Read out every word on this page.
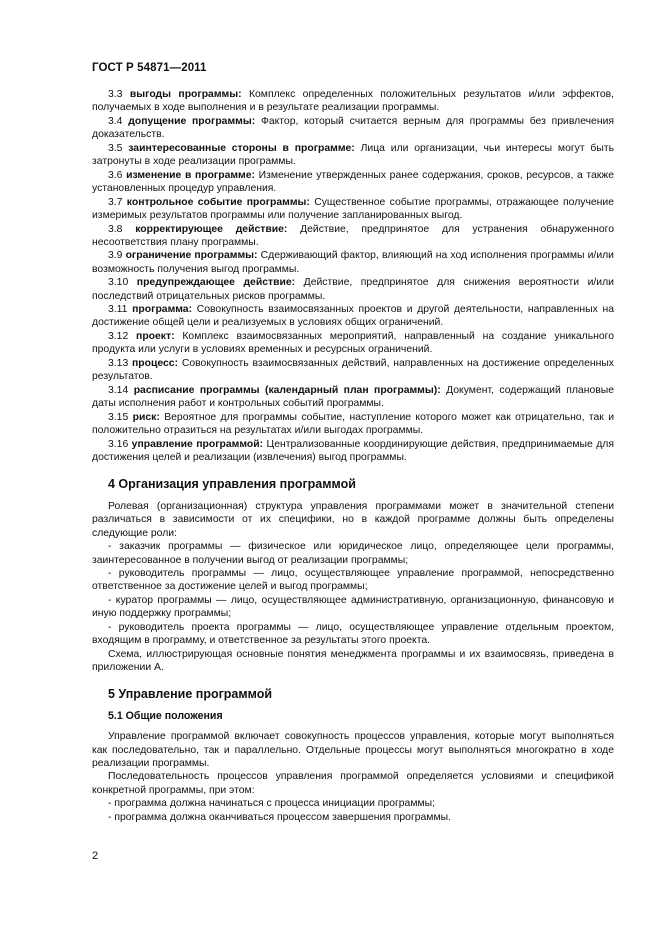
ГОСТ Р 54871—2011

3.3 выгоды программы: Комплекс определенных положительных результатов и/или эффектов, получаемых в ходе выполнения и в результате реализации программы.

3.4 допущение программы: Фактор, который считается верным для программы без привлечения доказательств.

3.5 заинтересованные стороны в программе: Лица или организации, чьи интересы могут быть затронуты в ходе реализации программы.

3.6 изменение в программе: Изменение утвержденных ранее содержания, сроков, ресурсов, а также установленных процедур управления.

3.7 контрольное событие программы: Существенное событие программы, отражающее получение измеримых результатов программы или получение запланированных выгод.

3.8 корректирующее действие: Действие, предпринятое для устранения обнаруженного несоответствия плану программы.

3.9 ограничение программы: Сдерживающий фактор, влияющий на ход исполнения программы и/или возможность получения выгод программы.

3.10 предупреждающее действие: Действие, предпринятое для снижения вероятности и/или последствий отрицательных рисков программы.

3.11 программа: Совокупность взаимосвязанных проектов и другой деятельности, направленных на достижение общей цели и реализуемых в условиях общих ограничений.

3.12 проект: Комплекс взаимосвязанных мероприятий, направленный на создание уникального продукта или услуги в условиях временных и ресурсных ограничений.

3.13 процесс: Совокупность взаимосвязанных действий, направленных на достижение определенных результатов.

3.14 расписание программы (календарный план программы): Документ, содержащий плановые даты исполнения работ и контрольных событий программы.

3.15 риск: Вероятное для программы событие, наступление которого может как отрицательно, так и положительно отразиться на результатах и/или выгодах программы.

3.16 управление программой: Централизованные координирующие действия, предпринимаемые для достижения целей и реализации (извлечения) выгод программы.

4 Организация управления программой

Ролевая (организационная) структура управления программами может в значительной степени различаться в зависимости от их специфики, но в каждой программе должны быть определены следующие роли:

- заказчик программы — физическое или юридическое лицо, определяющее цели программы, заинтересованное в получении выгод от реализации программы;

- руководитель программы — лицо, осуществляющее управление программой, непосредственно ответственное за достижение целей и выгод программы;

- куратор программы — лицо, осуществляющее административную, организационную, финансовую и иную поддержку программы;

- руководитель проекта программы — лицо, осуществляющее управление отдельным проектом, входящим в программу, и ответственное за результаты этого проекта.

Схема, иллюстрирующая основные понятия менеджмента программы и их взаимосвязь, приведена в приложении А.

5 Управление программой
5.1 Общие положения

Управление программой включает совокупность процессов управления, которые могут выполняться как последовательно, так и параллельно. Отдельные процессы могут выполняться многократно в ходе реализации программы.

Последовательность процессов управления программой определяется условиями и спецификой конкретной программы, при этом:

- программа должна начинаться с процесса инициации программы;

- программа должна оканчиваться процессом завершения программы.

2
